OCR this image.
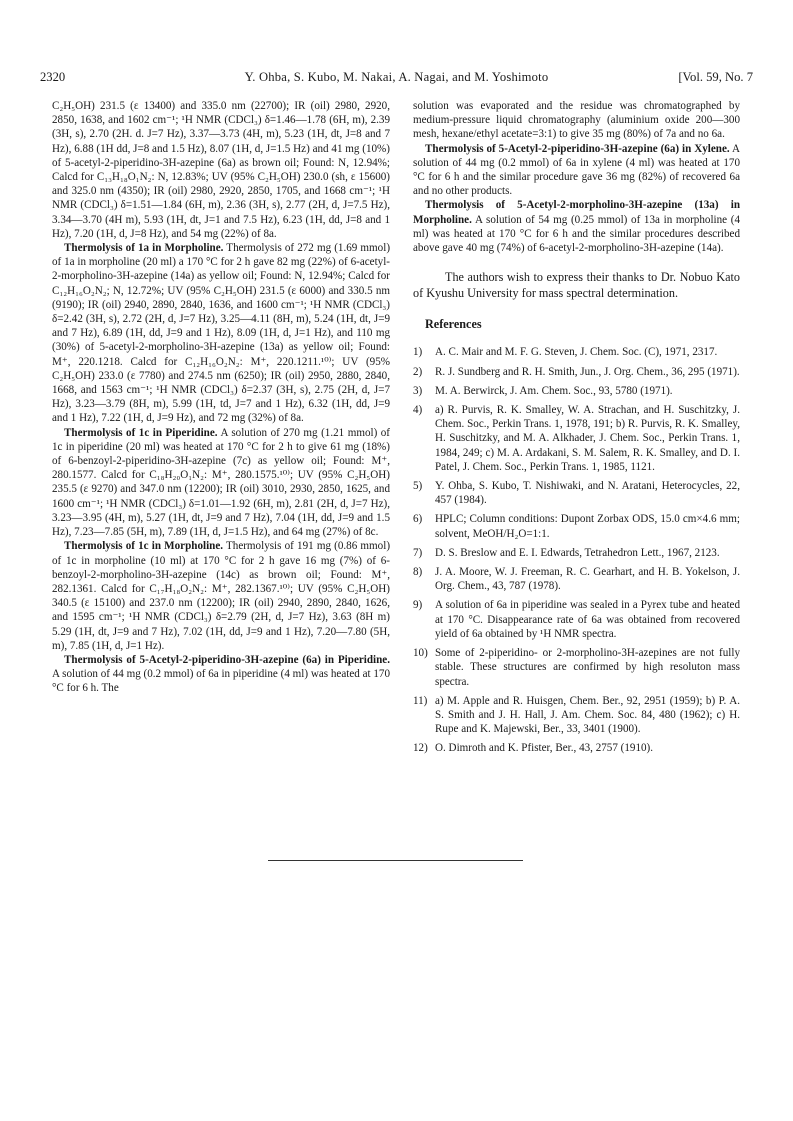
2320	Y. Ohba, S. Kubo, M. Nakai, A. Nagai, and M. Yoshimoto	[Vol. 59, No. 7

C₂H₅OH) 231.5 (ε 13400) and 335.0 nm (22700); IR (oil) 2980, 2920, 2850, 1638, and 1602 cm⁻¹; ¹H NMR (CDCl₃) δ=1.46—1.78 (6H, m), 2.39 (3H, s), 2.70 (2H. d. J=7 Hz), 3.37—3.73 (4H, m), 5.23 (1H, dt, J=8 and 7 Hz), 6.88 (1H dd, J=8 and 1.5 Hz), 8.07 (1H, d, J=1.5 Hz) and 41 mg (10%) of 5-acetyl-2-piperidino-3H-azepine (6a) as brown oil; Found: N, 12.94%; Calcd for C₁₃H₁₈O₁N₂: N, 12.83%; UV (95% C₂H₅OH) 230.0 (sh, ε 15600) and 325.0 nm (4350); IR (oil) 2980, 2920, 2850, 1705, and 1668 cm⁻¹; ¹H NMR (CDCl₃) δ=1.51—1.84 (6H, m), 2.36 (3H, s), 2.77 (2H, d, J=7.5 Hz), 3.34—3.70 (4H m), 5.93 (1H, dt, J=1 and 7.5 Hz), 6.23 (1H, dd, J=8 and 1 Hz), 7.20 (1H, d, J=8 Hz), and 54 mg (22%) of 8a.

Thermolysis of 1a in Morpholine. Thermolysis of 272 mg (1.69 mmol) of 1a in morpholine (20 ml) a 170 °C for 2 h gave 82 mg (22%) of 6-acetyl-2-morpholino-3H-azepine (14a) as yellow oil; Found: N, 12.94%; Calcd for C₁₂H₁₆O₂N₂; N, 12.72%; UV (95% C₂H₅OH) 231.5 (ε 6000) and 330.5 nm (9190); IR (oil) 2940, 2890, 2840, 1636, and 1600 cm⁻¹; ¹H NMR (CDCl₃) δ=2.42 (3H, s), 2.72 (2H, d, J=7 Hz), 3.25—4.11 (8H, m), 5.24 (1H, dt, J=9 and 7 Hz), 6.89 (1H, dd, J=9 and 1 Hz), 8.09 (1H, d, J=1 Hz), and 110 mg (30%) of 5-acetyl-2-morpholino-3H-azepine (13a) as yellow oil; Found: M⁺, 220.1218. Calcd for C₁₂H₁₆O₂N₂: M⁺, 220.1211.¹⁰⁾; UV (95% C₂H₅OH) 233.0 (ε 7780) and 274.5 nm (6250); IR (oil) 2950, 2880, 2840, 1668, and 1563 cm⁻¹; ¹H NMR (CDCl₃) δ=2.37 (3H, s), 2.75 (2H, d, J=7 Hz), 3.23—3.79 (8H, m), 5.99 (1H, td, J=7 and 1 Hz), 6.32 (1H, dd, J=9 and 1 Hz), 7.22 (1H, d, J=9 Hz), and 72 mg (32%) of 8a.

Thermolysis of 1c in Piperidine. A solution of 270 mg (1.21 mmol) of 1c in piperidine (20 ml) was heated at 170 °C for 2 h to give 61 mg (18%) of 6-benzoyl-2-piperidino-3H-azepine (7c) as yellow oil; Found: M⁺, 280.1577. Calcd for C₁₈H₂₀O₁N₂: M⁺, 280.1575.¹⁰⁾; UV (95% C₂H₅OH) 235.5 (ε 9270) and 347.0 nm (12200); IR (oil) 3010, 2930, 2850, 1625, and 1600 cm⁻¹; ¹H NMR (CDCl₃) δ=1.01—1.92 (6H, m), 2.81 (2H, d, J=7 Hz), 3.23—3.95 (4H, m), 5.27 (1H, dt, J=9 and 7 Hz), 7.04 (1H, dd, J=9 and 1.5 Hz), 7.23—7.85 (5H, m), 7.89 (1H, d, J=1.5 Hz), and 64 mg (27%) of 8c.

Thermolysis of 1c in Morpholine. Thermolysis of 191 mg (0.86 mmol) of 1c in morpholine (10 ml) at 170 °C for 2 h gave 16 mg (7%) of 6-benzoyl-2-morpholino-3H-azepine (14c) as brown oil; Found: M⁺, 282.1361. Calcd for C₁₇H₁₈O₂N₂: M⁺, 282.1367.¹⁰⁾; UV (95% C₂H₅OH) 340.5 (ε 15100) and 237.0 nm (12200); IR (oil) 2940, 2890, 2840, 1626, and 1595 cm⁻¹; ¹H NMR (CDCl₃) δ=2.79 (2H, d, J=7 Hz), 3.63 (8H m) 5.29 (1H, dt, J=9 and 7 Hz), 7.02 (1H, dd, J=9 and 1 Hz), 7.20—7.80 (5H, m), 7.85 (1H, d, J=1 Hz).

Thermolysis of 5-Acetyl-2-piperidino-3H-azepine (6a) in Piperidine. A solution of 44 mg (0.2 mmol) of 6a in piperidine (4 ml) was heated at 170 °C for 6 h. The

solution was evaporated and the residue was chromatographed by medium-pressure liquid chromatography (aluminium oxide 200—300 mesh, hexane/ethyl acetate=3:1) to give 35 mg (80%) of 7a and no 6a.

Thermolysis of 5-Acetyl-2-piperidino-3H-azepine (6a) in Xylene. A solution of 44 mg (0.2 mmol) of 6a in xylene (4 ml) was heated at 170 °C for 6 h and the similar procedure gave 36 mg (82%) of recovered 6a and no other products.

Thermolysis of 5-Acetyl-2-morpholino-3H-azepine (13a) in Morpholine. A solution of 54 mg (0.25 mmol) of 13a in morpholine (4 ml) was heated at 170 °C for 6 h and the similar procedures described above gave 40 mg (74%) of 6-acetyl-2-morpholino-3H-azepine (14a).

The authors wish to express their thanks to Dr. Nobuo Kato of Kyushu University for mass spectral determination.

References

1) A. C. Mair and M. F. G. Steven, J. Chem. Soc. (C), 1971, 2317.

2) R. J. Sundberg and R. H. Smith, Jun., J. Org. Chem., 36, 295 (1971).

3) M. A. Berwirck, J. Am. Chem. Soc., 93, 5780 (1971).

4) a) R. Purvis, R. K. Smalley, W. A. Strachan, and H. Suschitzky, J. Chem. Soc., Perkin Trans. 1, 1978, 191; b) R. Purvis, R. K. Smalley, H. Suschitzky, and M. A. Alkhader, J. Chem. Soc., Perkin Trans. 1, 1984, 249; c) M. A. Ardakani, S. M. Salem, R. K. Smalley, and D. I. Patel, J. Chem. Soc., Perkin Trans. 1, 1985, 1121.

5) Y. Ohba, S. Kubo, T. Nishiwaki, and N. Aratani, Heterocycles, 22, 457 (1984).

6) HPLC; Column conditions: Dupont Zorbax ODS, 15.0 cm×4.6 mm; solvent, MeOH/H₂O=1:1.

7) D. S. Breslow and E. I. Edwards, Tetrahedron Lett., 1967, 2123.

8) J. A. Moore, W. J. Freeman, R. C. Gearhart, and H. B. Yokelson, J. Org. Chem., 43, 787 (1978).

9) A solution of 6a in piperidine was sealed in a Pyrex tube and heated at 170 °C. Disappearance rate of 6a was obtained from recovered yield of 6a obtained by ¹H NMR spectra.

10) Some of 2-piperidino- or 2-morpholino-3H-azepines are not fully stable. These structures are confirmed by high resoluton mass spectra.

11) a) M. Apple and R. Huisgen, Chem. Ber., 92, 2951 (1959); b) P. A. S. Smith and J. H. Hall, J. Am. Chem. Soc. 84, 480 (1962); c) H. Rupe and K. Majewski, Ber., 33, 3401 (1900).

12) O. Dimroth and K. Pfister, Ber., 43, 2757 (1910).
